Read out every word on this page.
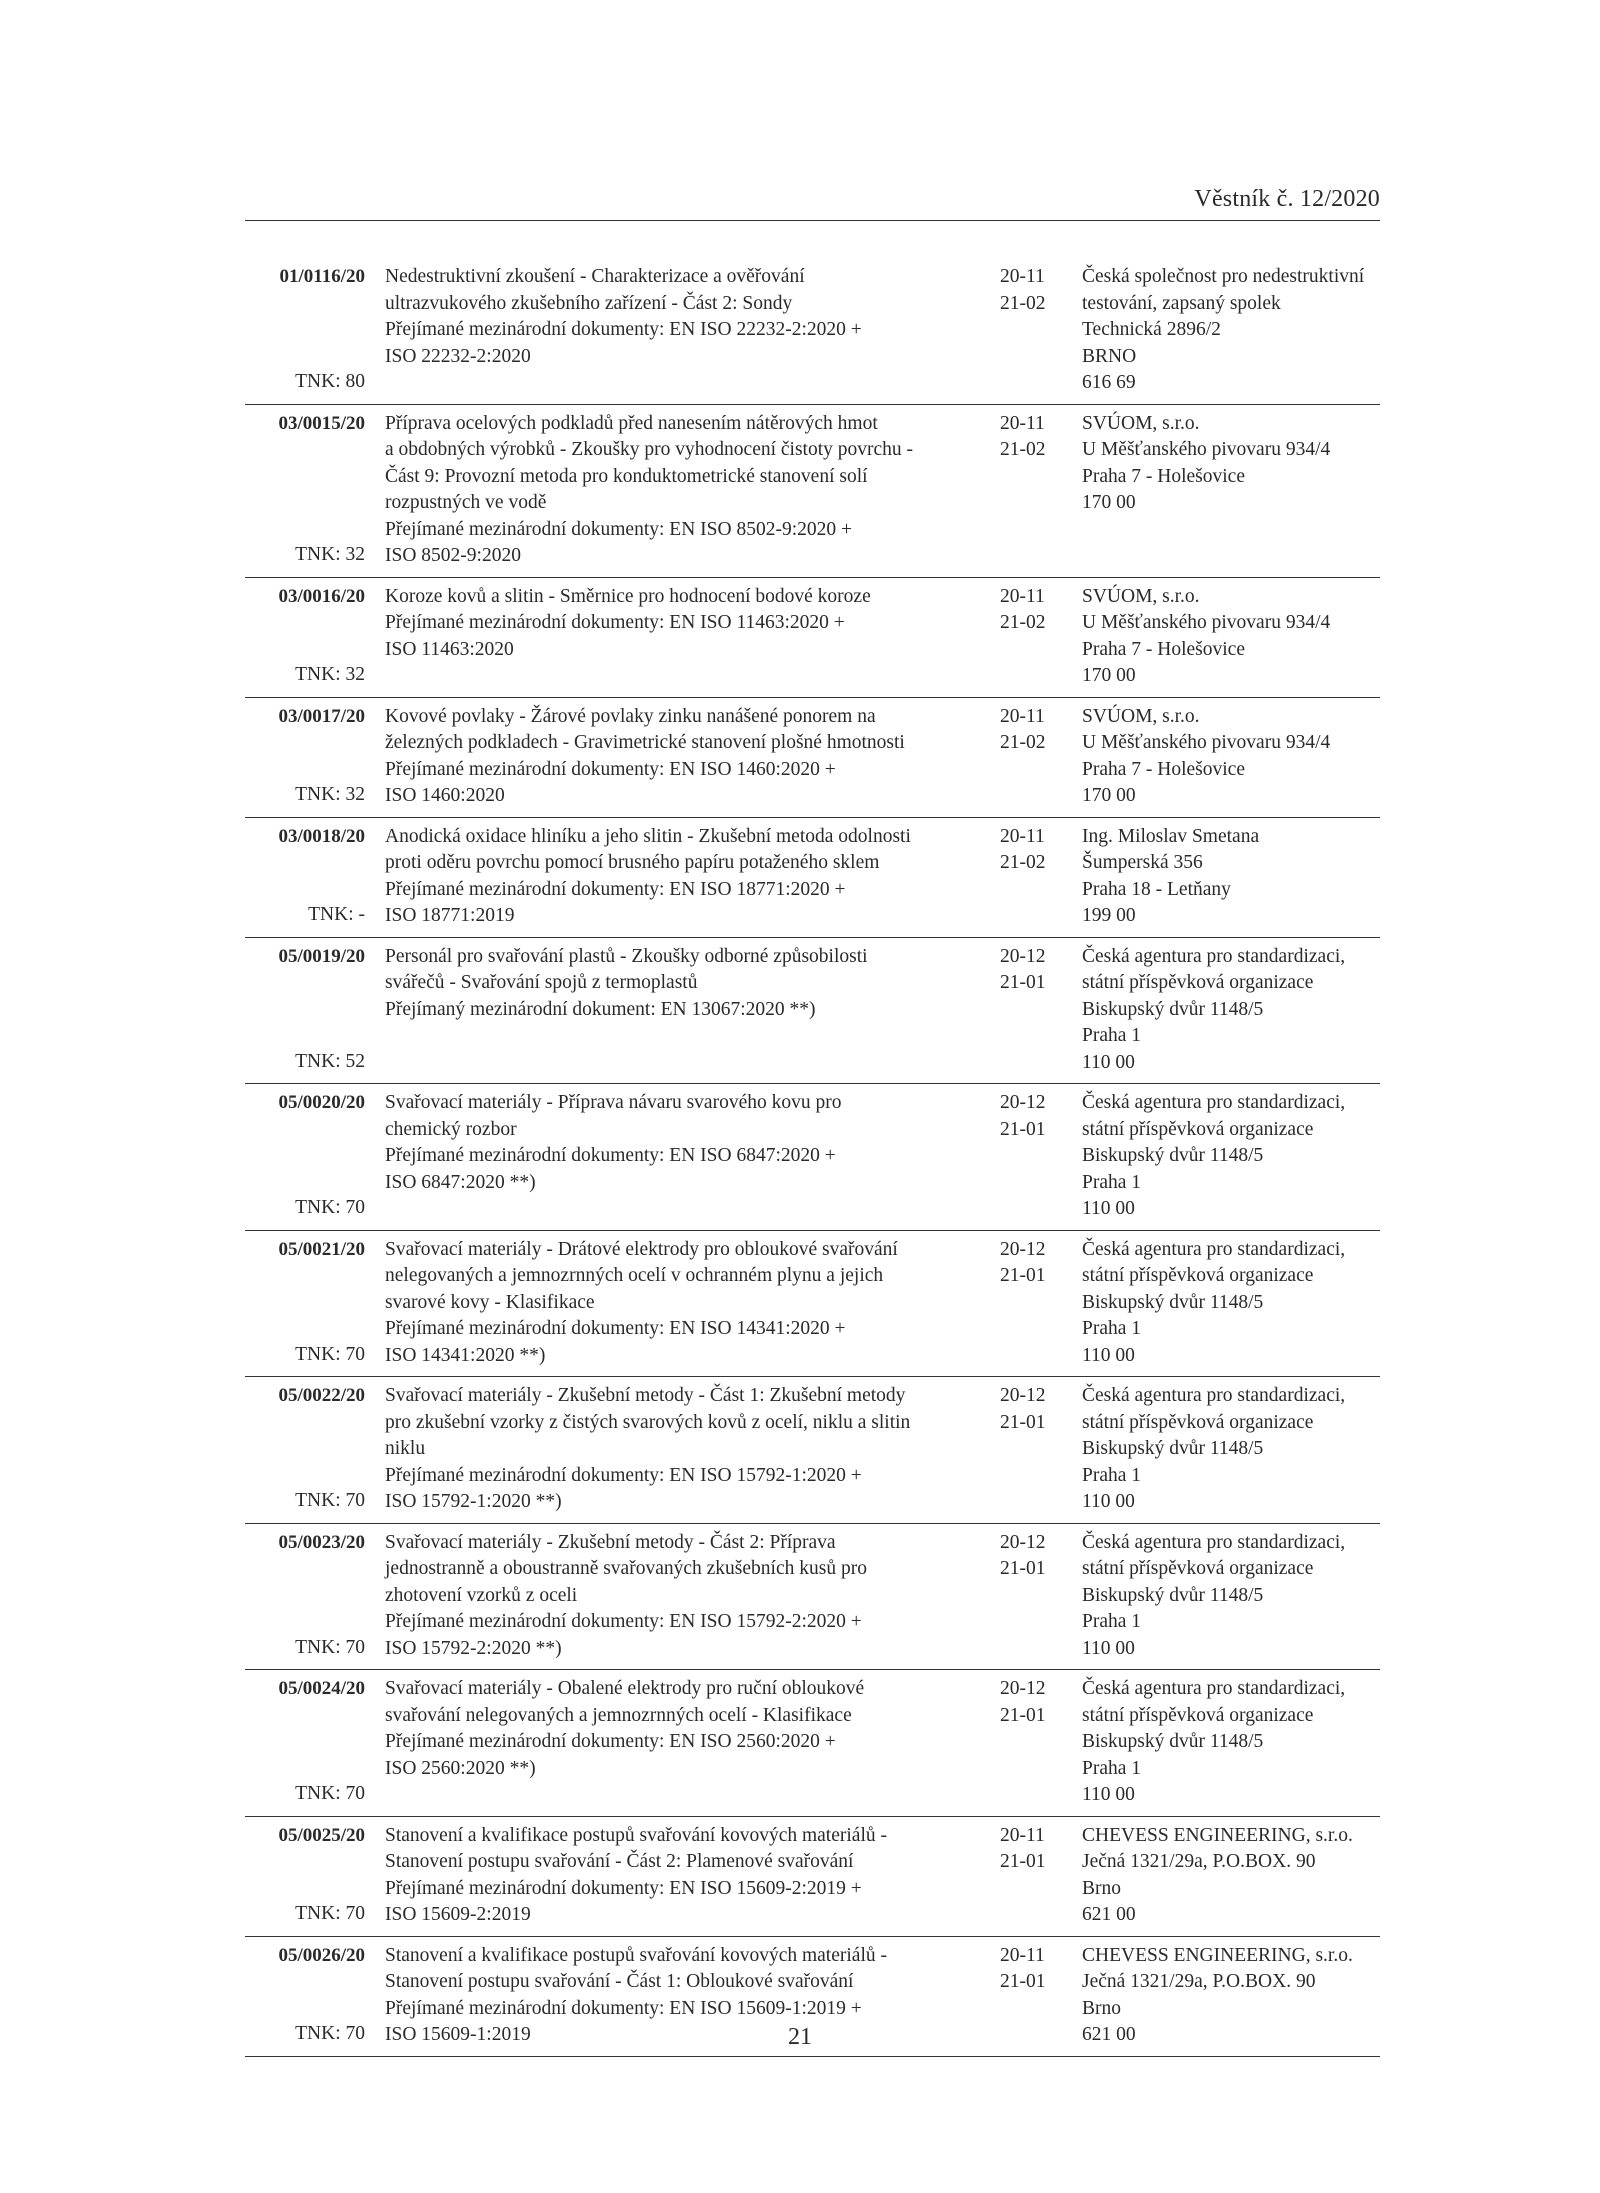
Věstník č. 12/2020
01/0116/20
TNK: 80
Nedestruktivní zkoušení - Charakterizace a ověřování
ultrazvukového zkušebního zařízení - Část 2: Sondy
Přejímané mezinárodní dokumenty: EN ISO 22232-2:2020 +
ISO 22232-2:2020
20-11
21-02
Česká společnost pro nedestruktivní
testování, zapsaný spolek
Technická 2896/2
BRNO
616 69
03/0015/20
TNK: 32
Příprava ocelových podkladů před nanesením nátěrových hmot
a obdobných výrobků - Zkoušky pro vyhodnocení čistoty povrchu -
Část 9: Provozní metoda pro konduktometrické stanovení solí
rozpustných ve vodě
Přejímané mezinárodní dokumenty: EN ISO 8502-9:2020 +
ISO 8502-9:2020
20-11
21-02
SVÚOM, s.r.o.
U Měšťanského pivovaru 934/4
Praha 7 - Holešovice
170 00
03/0016/20
TNK: 32
Koroze kovů a slitin - Směrnice pro hodnocení bodové koroze
Přejímané mezinárodní dokumenty: EN ISO 11463:2020 +
ISO 11463:2020
20-11
21-02
SVÚOM, s.r.o.
U Měšťanského pivovaru 934/4
Praha 7 - Holešovice
170 00
03/0017/20
TNK: 32
Kovové povlaky - Žárové povlaky zinku nanášené ponorem na
železných podkladech - Gravimetrické stanovení plošné hmotnosti
Přejímané mezinárodní dokumenty: EN ISO 1460:2020 +
ISO 1460:2020
20-11
21-02
SVÚOM, s.r.o.
U Měšťanského pivovaru 934/4
Praha 7 - Holešovice
170 00
03/0018/20
TNK: -
Anodická oxidace hliníku a jeho slitin - Zkušební metoda odolnosti
proti oděru povrchu pomocí brusného papíru potaženého sklem
Přejímané mezinárodní dokumenty: EN ISO 18771:2020 +
ISO 18771:2019
20-11
21-02
Ing. Miloslav Smetana
Šumperská 356
Praha 18 - Letňany
199 00
05/0019/20
TNK: 52
Personál pro svařování plastů - Zkoušky odborné způsobilosti
svářečů - Svařování spojů z termoplastů
Přejímaný mezinárodní dokument: EN 13067:2020 **)
20-12
21-01
Česká agentura pro standardizaci,
státní příspěvková organizace
Biskupský dvůr 1148/5
Praha 1
110 00
05/0020/20
TNK: 70
Svařovací materiály - Příprava návaru svarového kovu pro
chemický rozbor
Přejímané mezinárodní dokumenty: EN ISO 6847:2020 +
ISO 6847:2020 **)
20-12
21-01
Česká agentura pro standardizaci,
státní příspěvková organizace
Biskupský dvůr 1148/5
Praha 1
110 00
05/0021/20
TNK: 70
Svařovací materiály - Drátové elektrody pro obloukové svařování
nelegovaných a jemnozrnných ocelí v ochranném plynu a jejich
svarové kovy - Klasifikace
Přejímané mezinárodní dokumenty: EN ISO 14341:2020 +
ISO 14341:2020 **)
20-12
21-01
Česká agentura pro standardizaci,
státní příspěvková organizace
Biskupský dvůr 1148/5
Praha 1
110 00
05/0022/20
TNK: 70
Svařovací materiály - Zkušební metody - Část 1: Zkušební metody
pro zkušební vzorky z čistých svarových kovů z ocelí, niklu a slitin
niklu
Přejímané mezinárodní dokumenty: EN ISO 15792-1:2020 +
ISO 15792-1:2020 **)
20-12
21-01
Česká agentura pro standardizaci,
státní příspěvková organizace
Biskupský dvůr 1148/5
Praha 1
110 00
05/0023/20
TNK: 70
Svařovací materiály - Zkušební metody - Část 2: Příprava
jednostranně a oboustranně svařovaných zkušebních kusů pro
zhotovení vzorků z oceli
Přejímané mezinárodní dokumenty: EN ISO 15792-2:2020 +
ISO 15792-2:2020 **)
20-12
21-01
Česká agentura pro standardizaci,
státní příspěvková organizace
Biskupský dvůr 1148/5
Praha 1
110 00
05/0024/20
TNK: 70
Svařovací materiály - Obalené elektrody pro ruční obloukové
svařování nelegovaných a jemnozrnných ocelí - Klasifikace
Přejímané mezinárodní dokumenty: EN ISO 2560:2020 +
ISO 2560:2020 **)
20-12
21-01
Česká agentura pro standardizaci,
státní příspěvková organizace
Biskupský dvůr 1148/5
Praha 1
110 00
05/0025/20
TNK: 70
Stanovení a kvalifikace postupů svařování kovových materiálů -
Stanovení postupu svařování - Část 2: Plamenové svařování
Přejímané mezinárodní dokumenty: EN ISO 15609-2:2019 +
ISO 15609-2:2019
20-11
21-01
CHEVESS ENGINEERING, s.r.o.
Ječná 1321/29a, P.O.BOX. 90
Brno
621 00
05/0026/20
TNK: 70
Stanovení a kvalifikace postupů svařování kovových materiálů -
Stanovení postupu svařování - Část 1: Obloukové svařování
Přejímané mezinárodní dokumenty: EN ISO 15609-1:2019 +
ISO 15609-1:2019
20-11
21-01
CHEVESS ENGINEERING, s.r.o.
Ječná 1321/29a, P.O.BOX. 90
Brno
621 00
21
